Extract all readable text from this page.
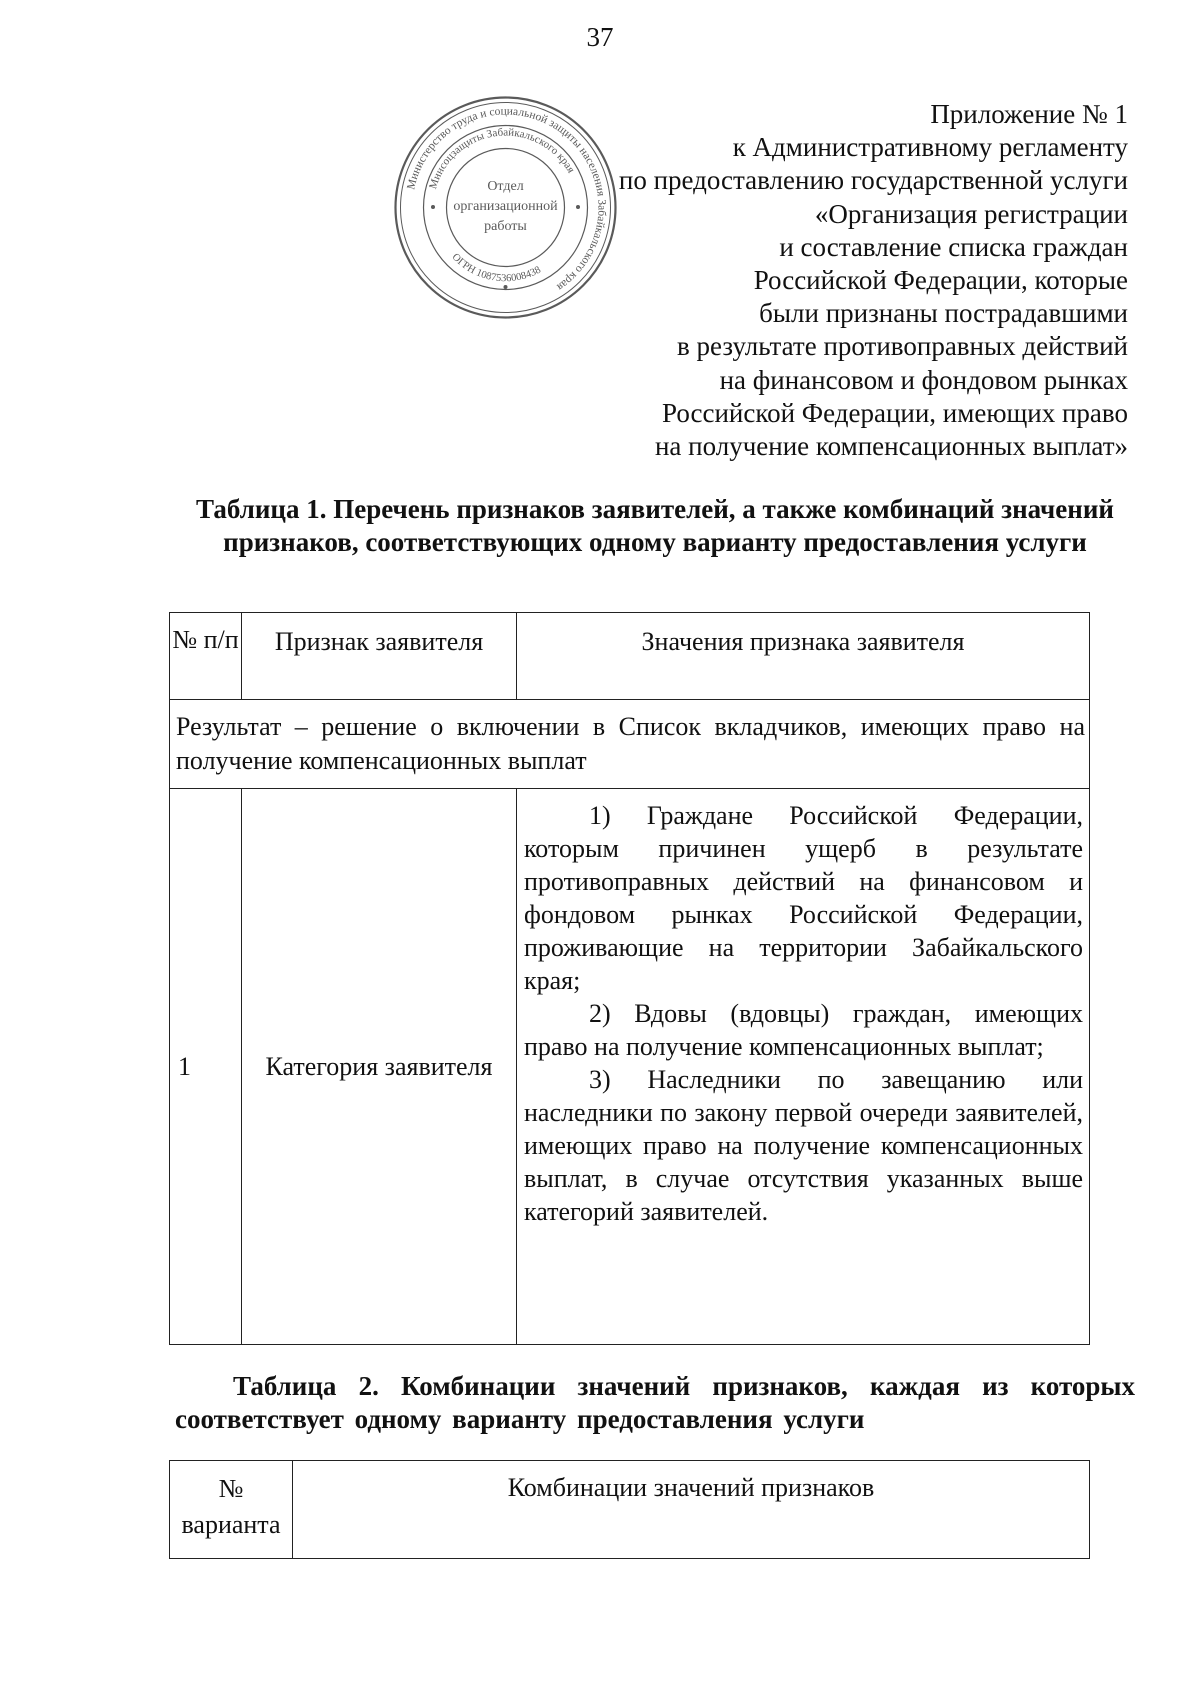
37
Министерство труда и социальной защиты населения Забайкальского края
Минсоцзащиты Забайкальского края
ОГРН 1087536008438
Отдел
организационной
работы
Приложение № 1
к Административному регламенту
по предоставлению государственной услуги
«Организация регистрации
и составление списка граждан
Российской Федерации, которые
были признаны пострадавшими
в результате противоправных действий
на финансовом и фондовом рынках
Российской Федерации, имеющих право
на получение компенсационных выплат»
Таблица 1. Перечень признаков заявителей, а также комбинаций значений признаков, соответствующих одному варианту предоставления услуги
№ п/п	Признак заявителя	Значения признака заявителя
Результат – решение о включении в Список вкладчиков, имеющих право на получение компенсационных выплат		
1	Категория заявителя	1) Граждане Российской Федерации, которым причинен ущерб в результате противоправных действий на финансовом и фондовом рынках Российской Федерации, проживающие на территории Забайкальского края;
2) Вдовы (вдовцы) граждан, имеющих право на получение компенсационных выплат;
3) Наследники по завещанию или наследники по закону первой очереди заявителей, имеющих право на получение компенсационных выплат, в случае отсутствия указанных выше категорий заявителей.
Таблица 2. Комбинации значений признаков, каждая из которых соответствует одному варианту предоставления услуги
№ варианта	Комбинации значений признаков
